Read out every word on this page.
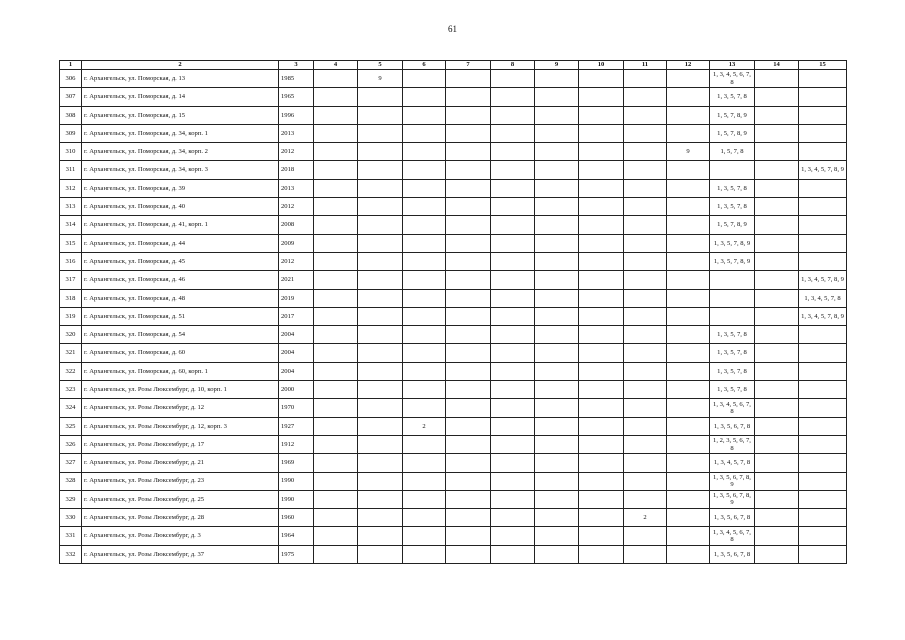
61
1	2	3	4	5	6	7	8	9	10	11	12	13	14	15
306	г. Архангельск, ул. Поморская, д. 13	1985		9								1, 3, 4, 5, 6, 7, 8		
307	г. Архангельск, ул. Поморская, д. 14	1965										1, 3, 5, 7, 8		
308	г. Архангельск, ул. Поморская, д. 15	1996										1, 5, 7, 8, 9		
309	г. Архангельск, ул. Поморская, д. 34, корп. 1	2013										1, 5, 7, 8, 9		
310	г. Архангельск, ул. Поморская, д. 34, корп. 2	2012									9	1, 5, 7, 8		
311	г. Архангельск, ул. Поморская, д. 34, корп. 3	2018												1, 3, 4, 5, 7, 8, 9
312	г. Архангельск, ул. Поморская, д. 39	2013										1, 3, 5, 7, 8		
313	г. Архангельск, ул. Поморская, д. 40	2012										1, 3, 5, 7, 8		
314	г. Архангельск, ул. Поморская, д. 41, корп. 1	2008										1, 5, 7, 8, 9		
315	г. Архангельск, ул. Поморская, д. 44	2009										1, 3, 5, 7, 8, 9		
316	г. Архангельск, ул. Поморская, д. 45	2012										1, 3, 5, 7, 8, 9		
317	г. Архангельск, ул. Поморская, д. 46	2021												1, 3, 4, 5, 7, 8, 9
318	г. Архангельск, ул. Поморская, д. 48	2019												1, 3, 4, 5, 7, 8
319	г. Архангельск, ул. Поморская, д. 51	2017												1, 3, 4, 5, 7, 8, 9
320	г. Архангельск, ул. Поморская, д. 54	2004										1, 3, 5, 7, 8		
321	г. Архангельск, ул. Поморская, д. 60	2004										1, 3, 5, 7, 8		
322	г. Архангельск, ул. Поморская, д. 60, корп. 1	2004										1, 3, 5, 7, 8		
323	г. Архангельск, ул. Розы Люксембург, д. 10, корп. 1	2000										1, 3, 5, 7, 8		
324	г. Архангельск, ул. Розы Люксембург, д. 12	1970										1, 3, 4, 5, 6, 7, 8		
325	г. Архангельск, ул. Розы Люксембург, д. 12, корп. 3	1927			2							1, 3, 5, 6, 7, 8		
326	г. Архангельск, ул. Розы Люксембург, д. 17	1912										1, 2, 3, 5, 6, 7, 8		
327	г. Архангельск, ул. Розы Люксембург, д. 21	1969										1, 3, 4, 5, 7, 8		
328	г. Архангельск, ул. Розы Люксембург, д. 23	1990										1, 3, 5, 6, 7, 8, 9		
329	г. Архангельск, ул. Розы Люксембург, д. 25	1990										1, 3, 5, 6, 7, 8, 9		
330	г. Архангельск, ул. Розы Люксембург, д. 28	1960								2		1, 3, 5, 6, 7, 8		
331	г. Архангельск, ул. Розы Люксембург, д. 3	1964										1, 3, 4, 5, 6, 7, 8		
332	г. Архангельск, ул. Розы Люксембург, д. 37	1975										1, 3, 5, 6, 7, 8		
